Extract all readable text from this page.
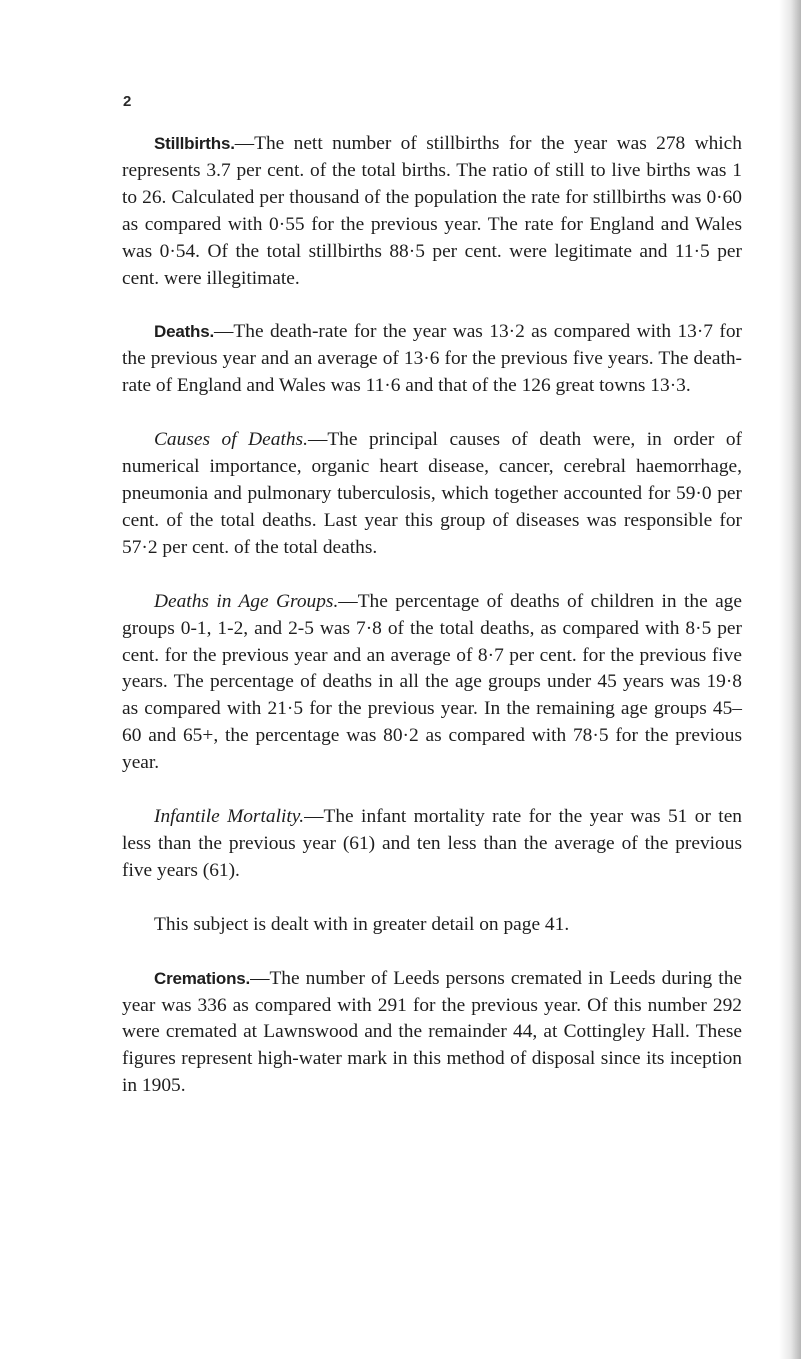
2

Stillbirths.—The nett number of stillbirths for the year was 278 which represents 3.7 per cent. of the total births. The ratio of still to live births was 1 to 26. Calculated per thousand of the population the rate for stillbirths was 0·60 as compared with 0·55 for the previous year. The rate for England and Wales was 0·54. Of the total stillbirths 88·5 per cent. were legitimate and 11·5 per cent. were illegitimate.

Deaths.—The death-rate for the year was 13·2 as compared with 13·7 for the previous year and an average of 13·6 for the previous five years. The death-rate of England and Wales was 11·6 and that of the 126 great towns 13·3.

Causes of Deaths.—The principal causes of death were, in order of numerical importance, organic heart disease, cancer, cerebral haemorrhage, pneumonia and pulmonary tuberculosis, which together accounted for 59·0 per cent. of the total deaths. Last year this group of diseases was responsible for 57·2 per cent. of the total deaths.

Deaths in Age Groups.—The percentage of deaths of children in the age groups 0-1, 1-2, and 2-5 was 7·8 of the total deaths, as compared with 8·5 per cent. for the previous year and an average of 8·7 per cent. for the previous five years. The percentage of deaths in all the age groups under 45 years was 19·8 as compared with 21·5 for the previous year. In the remaining age groups 45–60 and 65+, the percentage was 80·2 as compared with 78·5 for the previous year.

Infantile Mortality.—The infant mortality rate for the year was 51 or ten less than the previous year (61) and ten less than the average of the previous five years (61).

This subject is dealt with in greater detail on page 41.

Cremations.—The number of Leeds persons cremated in Leeds during the year was 336 as compared with 291 for the previous year. Of this number 292 were cremated at Lawnswood and the remainder 44, at Cottingley Hall. These figures represent high-water mark in this method of disposal since its inception in 1905.
